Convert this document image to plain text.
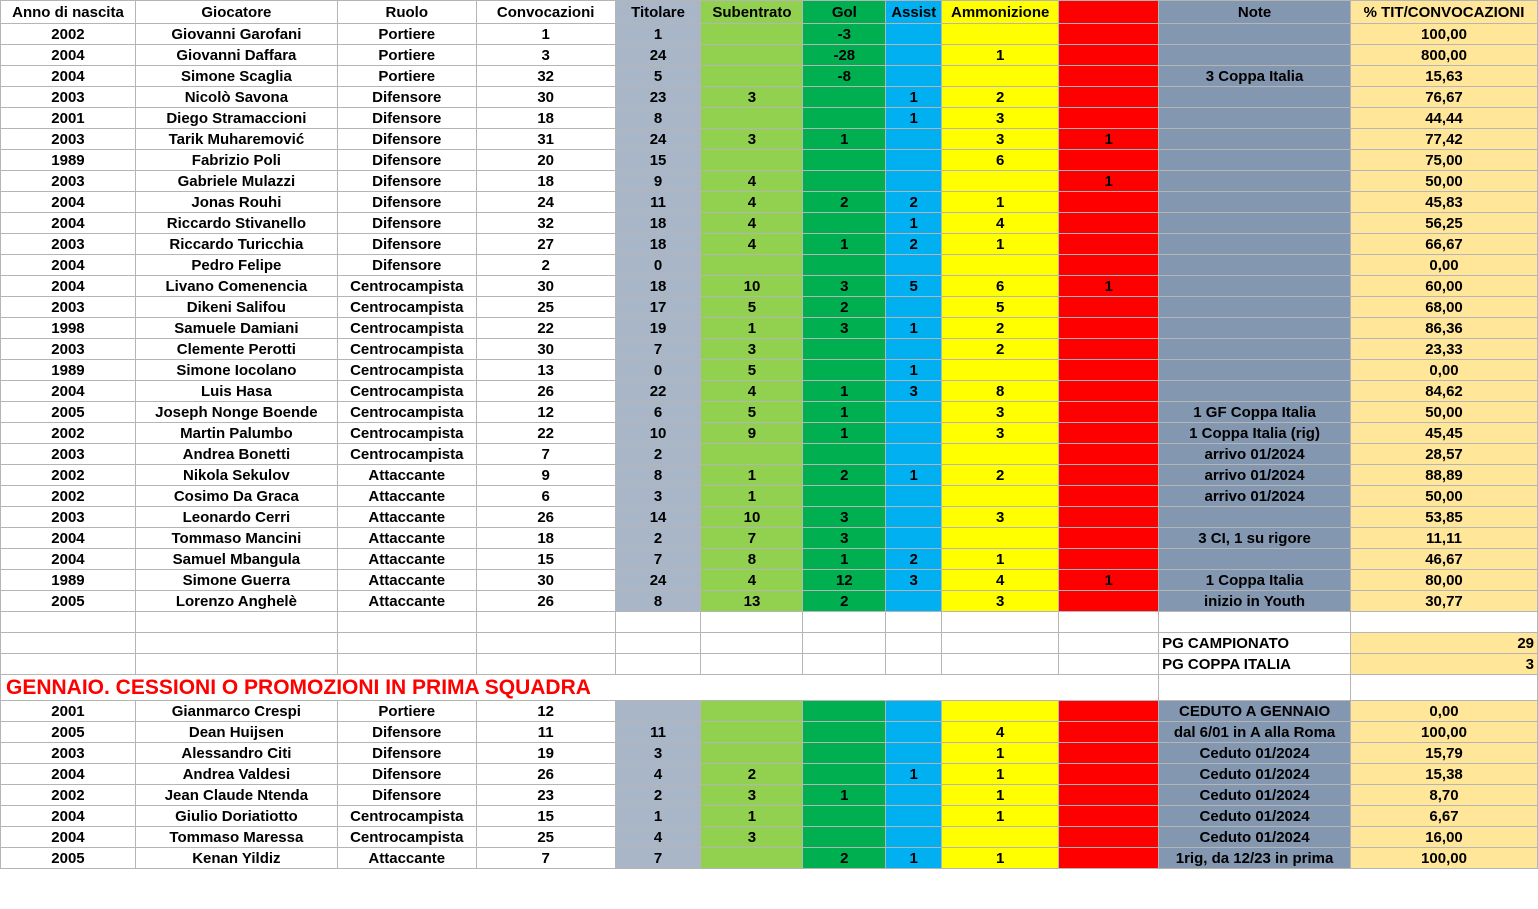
Anno di nascita	Giocatore	Ruolo	Convocazioni	Titolare	Subentrato	Gol	Assist	Ammonizione	Espulsione	Note	% TIT/CONVOCAZIONI
2002	Giovanni Garofani	Portiere	1	1		-3					100,00
2004	Giovanni Daffara	Portiere	3	24		-28		1			800,00
2004	Simone Scaglia	Portiere	32	5		-8				3 Coppa Italia	15,63
2003	Nicolò Savona	Difensore	30	23	3		1	2			76,67
2001	Diego Stramaccioni	Difensore	18	8			1	3			44,44
2003	Tarik Muharemović	Difensore	31	24	3	1		3	1		77,42
1989	Fabrizio Poli	Difensore	20	15				6			75,00
2003	Gabriele Mulazzi	Difensore	18	9	4				1		50,00
2004	Jonas Rouhi	Difensore	24	11	4	2	2	1			45,83
2004	Riccardo Stivanello	Difensore	32	18	4		1	4			56,25
2003	Riccardo Turicchia	Difensore	27	18	4	1	2	1			66,67
2004	Pedro Felipe	Difensore	2	0							0,00
2004	Livano Comenencia	Centrocampista	30	18	10	3	5	6	1		60,00
2003	Dikeni Salifou	Centrocampista	25	17	5	2		5			68,00
1998	Samuele Damiani	Centrocampista	22	19	1	3	1	2			86,36
2003	Clemente Perotti	Centrocampista	30	7	3			2			23,33
1989	Simone Iocolano	Centrocampista	13	0	5		1				0,00
2004	Luis Hasa	Centrocampista	26	22	4	1	3	8			84,62
2005	Joseph Nonge Boende	Centrocampista	12	6	5	1		3		1 GF Coppa Italia	50,00
2002	Martin Palumbo	Centrocampista	22	10	9	1		3		1 Coppa Italia (rig)	45,45
2003	Andrea Bonetti	Centrocampista	7	2						arrivo 01/2024	28,57
2002	Nikola Sekulov	Attaccante	9	8	1	2	1	2		arrivo 01/2024	88,89
2002	Cosimo Da Graca	Attaccante	6	3	1					arrivo 01/2024	50,00
2003	Leonardo Cerri	Attaccante	26	14	10	3		3			53,85
2004	Tommaso Mancini	Attaccante	18	2	7	3				3 CI, 1 su rigore	11,11
2004	Samuel Mbangula	Attaccante	15	7	8	1	2	1			46,67
1989	Simone Guerra	Attaccante	30	24	4	12	3	4	1	1 Coppa Italia	80,00
2005	Lorenzo Anghelè	Attaccante	26	8	13	2		3		inizio in Youth	30,77

										PG CAMPIONATO	29
										PG COPPA ITALIA	3
GENNAIO. CESSIONI O PROMOZIONI IN PRIMA SQUADRA											
2001	Gianmarco Crespi	Portiere	12							CEDUTO A GENNAIO	0,00
2005	Dean Huijsen	Difensore	11	11				4		dal 6/01 in A alla Roma	100,00
2003	Alessandro Citi	Difensore	19	3				1		Ceduto 01/2024	15,79
2004	Andrea Valdesi	Difensore	26	4	2		1	1		Ceduto 01/2024	15,38
2002	Jean Claude Ntenda	Difensore	23	2	3	1		1		Ceduto 01/2024	8,70
2004	Giulio Doriatiotto	Centrocampista	15	1	1			1		Ceduto 01/2024	6,67
2004	Tommaso Maressa	Centrocampista	25	4	3					Ceduto 01/2024	16,00
2005	Kenan Yildiz	Attaccante	7	7		2	1	1		1rig, da 12/23 in prima	100,00
